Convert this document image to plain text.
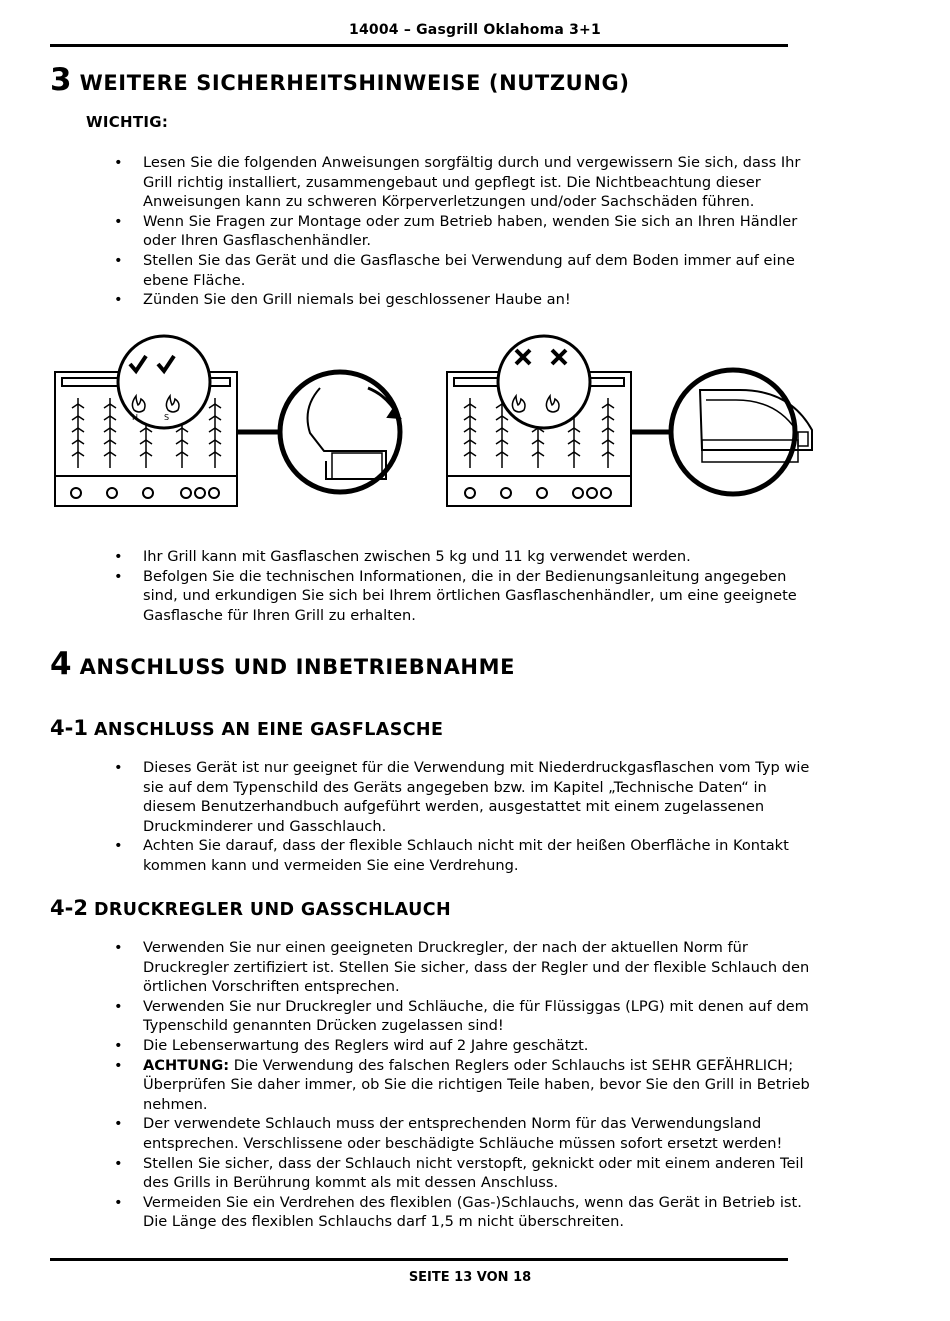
14004 – Gasgrill Oklahoma 3+1
3 WEITERE SICHERHEITSHINWEISE (NUTZUNG)
WICHTIG:
• Lesen Sie die folgenden Anweisungen sorgfältig durch und vergewissern Sie sich, dass Ihr
Grill richtig installiert, zusammengebaut und gepflegt ist. Die Nichtbeachtung dieser
Anweisungen kann zu schweren Körperverletzungen und/oder Sachschäden führen.
• Wenn Sie Fragen zur Montage oder zum Betrieb haben, wenden Sie sich an Ihren Händler
oder Ihren Gasflaschenhändler.
• Stellen Sie das Gerät und die Gasflasche bei Verwendung auf dem Boden immer auf eine
ebene Fläche.
• Zünden Sie den Grill niemals bei geschlossener Haube an!
H	S
• Ihr Grill kann mit Gasflaschen zwischen 5 kg und 11 kg verwendet werden.
• Befolgen Sie die technischen Informationen, die in der Bedienungsanleitung angegeben
sind, und erkundigen Sie sich bei Ihrem örtlichen Gasflaschenhändler, um eine geeignete
Gasflasche für Ihren Grill zu erhalten.
4 ANSCHLUSS UND INBETRIEBNAHME
4-1 ANSCHLUSS AN EINE GASFLASCHE
• Dieses Gerät ist nur geeignet für die Verwendung mit Niederdruckgasflaschen vom Typ wie
sie auf dem Typenschild des Geräts angegeben bzw. im Kapitel „Technische Daten“ in
diesem Benutzerhandbuch aufgeführt werden, ausgestattet mit einem zugelassenen
Druckminderer und Gasschlauch.
• Achten Sie darauf, dass der flexible Schlauch nicht mit der heißen Oberfläche in Kontakt
kommen kann und vermeiden Sie eine Verdrehung.
4-2 DRUCKREGLER UND GASSCHLAUCH
• Verwenden Sie nur einen geeigneten Druckregler, der nach der aktuellen Norm für
Druckregler zertifiziert ist. Stellen Sie sicher, dass der Regler und der flexible Schlauch den
örtlichen Vorschriften entsprechen.
• Verwenden Sie nur Druckregler und Schläuche, die für Flüssiggas (LPG) mit denen auf dem
Typenschild genannten Drücken zugelassen sind!
• Die Lebenserwartung des Reglers wird auf 2 Jahre geschätzt.
• ACHTUNG: Die Verwendung des falschen Reglers oder Schlauchs ist SEHR GEFÄHRLICH;
Überprüfen Sie daher immer, ob Sie die richtigen Teile haben, bevor Sie den Grill in Betrieb
nehmen.
• Der verwendete Schlauch muss der entsprechenden Norm für das Verwendungsland
entsprechen. Verschlissene oder beschädigte Schläuche müssen sofort ersetzt werden!
• Stellen Sie sicher, dass der Schlauch nicht verstopft, geknickt oder mit einem anderen Teil
des Grills in Berührung kommt als mit dessen Anschluss.
• Vermeiden Sie ein Verdrehen des flexiblen (Gas-)Schlauchs, wenn das Gerät in Betrieb ist.
Die Länge des flexiblen Schlauchs darf 1,5 m nicht überschreiten.
SEITE 13 VON 18
